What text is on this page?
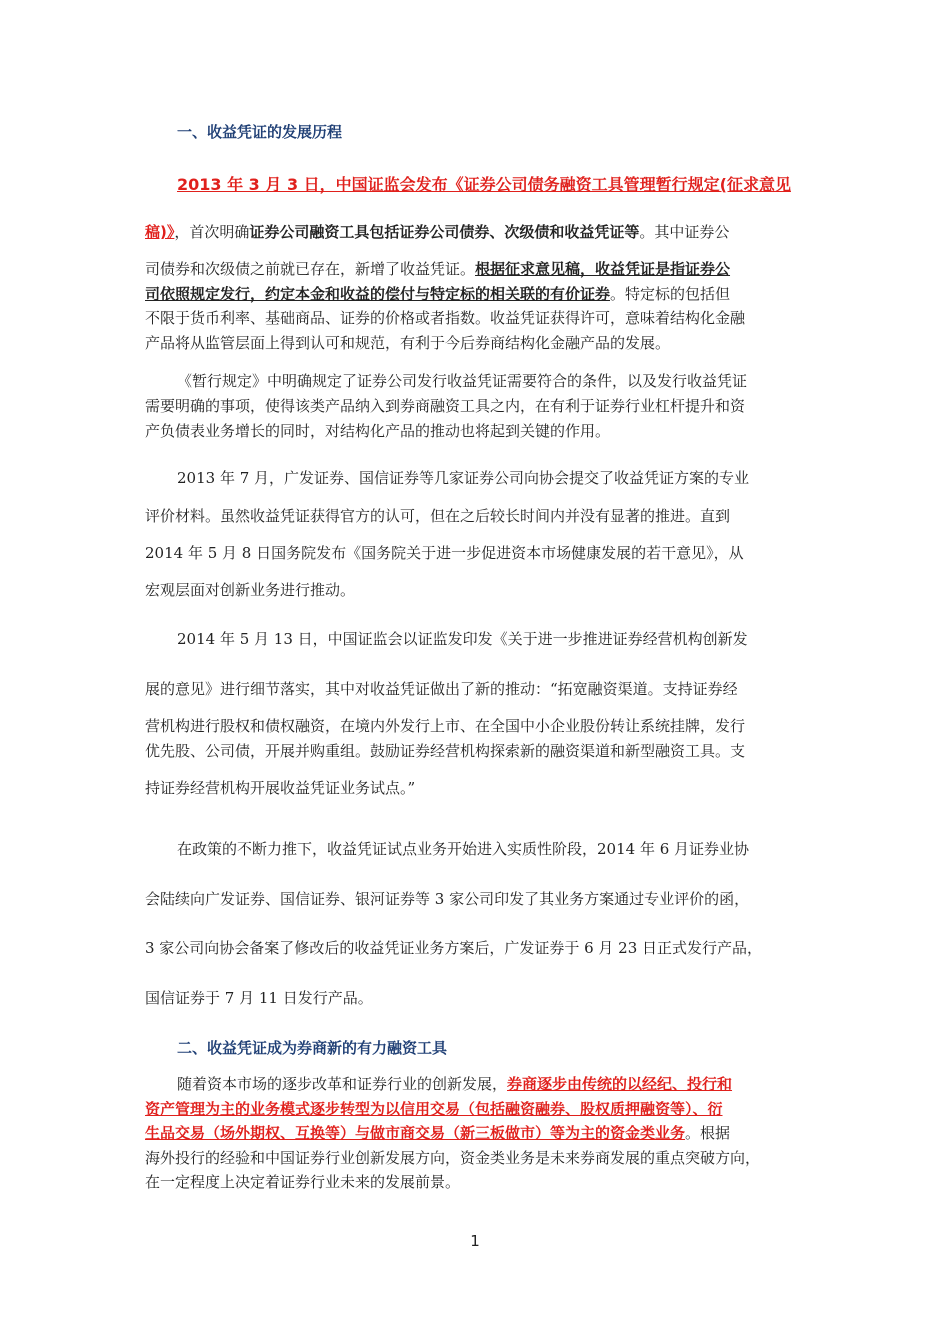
一、收益凭证的发展历程
2013 年 3 月 3 日，中国证监会发布《证券公司债务融资工具管理暂行规定(征求意见
稿)》，首次明确证券公司融资工具包括证券公司债券、次级债和收益凭证等。其中证券公
司债券和次级债之前就已存在，新增了收益凭证。根据征求意见稿，收益凭证是指证券公
司依照规定发行，约定本金和收益的偿付与特定标的相关联的有价证券。特定标的包括但
不限于货币利率、基础商品、证券的价格或者指数。收益凭证获得许可，意味着结构化金融
产品将从监管层面上得到认可和规范，有利于今后券商结构化金融产品的发展。
《暂行规定》中明确规定了证券公司发行收益凭证需要符合的条件，以及发行收益凭证
需要明确的事项，使得该类产品纳入到券商融资工具之内，在有利于证券行业杠杆提升和资
产负债表业务增长的同时，对结构化产品的推动也将起到关键的作用。
2013 年 7 月，广发证券、国信证券等几家证券公司向协会提交了收益凭证方案的专业
评价材料。虽然收益凭证获得官方的认可，但在之后较长时间内并没有显著的推进。直到
2014 年 5 月 8 日国务院发布《国务院关于进一步促进资本市场健康发展的若干意见》，从
宏观层面对创新业务进行推动。
2014 年 5 月 13 日，中国证监会以证监发印发《关于进一步推进证券经营机构创新发
展的意见》进行细节落实，其中对收益凭证做出了新的推动：“拓宽融资渠道。支持证券经
营机构进行股权和债权融资，在境内外发行上市、在全国中小企业股份转让系统挂牌，发行
优先股、公司债，开展并购重组。鼓励证券经营机构探索新的融资渠道和新型融资工具。支
持证券经营机构开展收益凭证业务试点。”
在政策的不断力推下，收益凭证试点业务开始进入实质性阶段，2014 年 6 月证券业协
会陆续向广发证券、国信证券、银河证券等 3 家公司印发了其业务方案通过专业评价的函，
3 家公司向协会备案了修改后的收益凭证业务方案后，广发证券于 6 月 23 日正式发行产品，
国信证券于 7 月 11 日发行产品。
二、收益凭证成为券商新的有力融资工具
随着资本市场的逐步改革和证券行业的创新发展，券商逐步由传统的以经纪、投行和
资产管理为主的业务模式逐步转型为以信用交易（包括融资融券、股权质押融资等）、衍
生品交易（场外期权、互换等）与做市商交易（新三板做市）等为主的资金类业务。根据
海外投行的经验和中国证券行业创新发展方向，资金类业务是未来券商发展的重点突破方向，
在一定程度上决定着证券行业未来的发展前景。
1
